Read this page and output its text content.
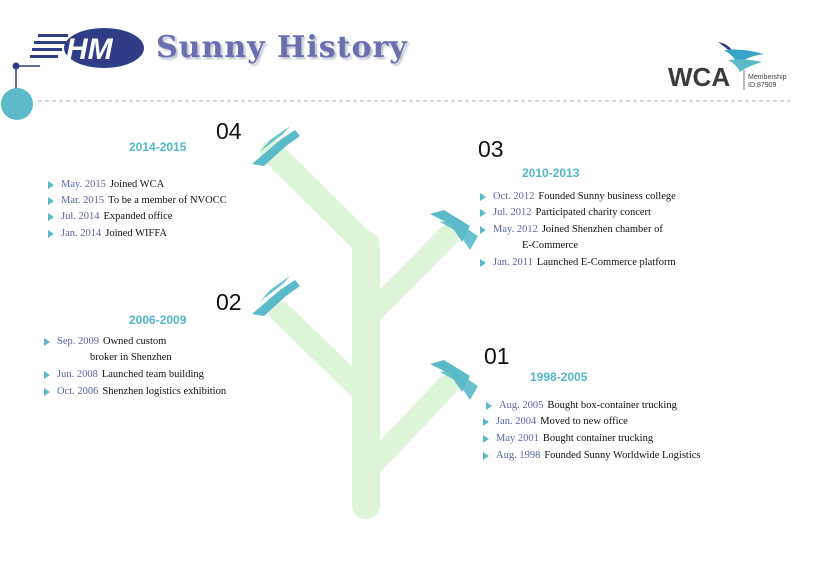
HM Sunny History
WCA	Membership
ID:87909
04
2014-2015
May. 2015 Joined WCA
Mar. 2015 To be a member of NVOCC
Jul. 2014 Expanded office
Jan. 2014 Joined WIFFA
03
2010-2013
Oct. 2012 Founded Sunny business college
Jul. 2012 Participated charity concert
May. 2012 Joined Shenzhen chamber of
E-Commerce
Jan. 2011 Launched E-Commerce platform
02
2006-2009
Sep. 2009 Owned custom
broker in Shenzhen
Jun. 2008 Launched team building
Oct. 2006 Shenzhen logistics exhibition
01
1998-2005
Aug. 2005 Bought box-container trucking
Jan. 2004 Moved to new office
May 2001 Bought container trucking
Aug. 1998 Founded Sunny Worldwide Logistics
